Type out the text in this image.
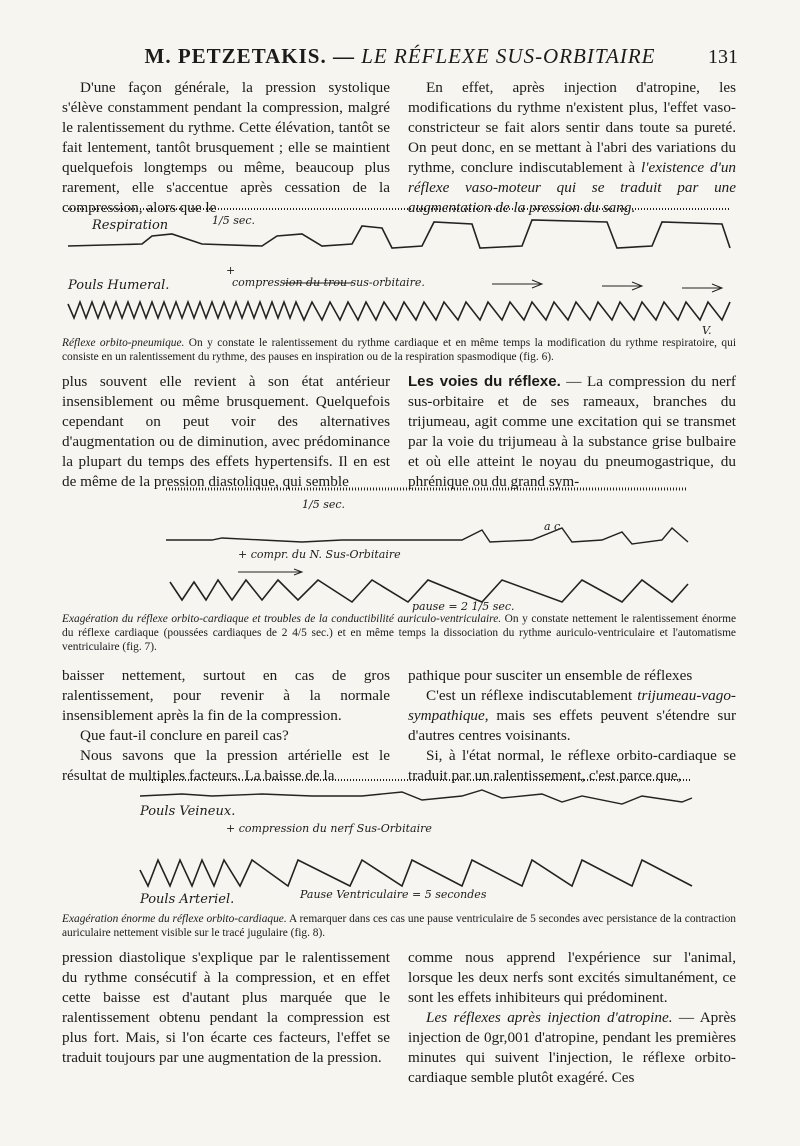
M. PETZETAKIS. — LE RÉFLEXE SUS-ORBITAIRE	131

D'une façon générale, la pression systolique s'élève constamment pendant la compression, malgré le ralentissement du rythme. Cette élévation, tantôt se fait lentement, tantôt brusquement ; elle se maintient quelquefois longtemps ou même, beaucoup plus rarement, elle s'accentue après cessation de la compression, alors que le

En effet, après injection d'atropine, les modifications du rythme n'existent plus, l'effet vaso-constricteur se fait alors sentir dans toute sa pureté. On peut donc, en se mettant à l'abri des variations du rythme, conclure indiscutablement à l'existence d'un réflexe vaso-moteur qui se traduit par une augmentation de la pression du sang.

Respiration	1/5 sec.
+
Pouls Humeral.	compression du trou sus-orbitaire.
V.
Réflexe orbito-pneumique. On y constate le ralentissement du rythme cardiaque et en même temps la modification du rythme respiratoire, qui consiste en un ralentissement du rythme, des pauses en inspiration ou de la respiration spasmodique (fig. 6).

plus souvent elle revient à son état antérieur insensiblement ou même brusquement. Quelquefois cependant on peut voir des alternatives d'augmentation ou de diminution, avec prédominance la plupart du temps des effets hypertensifs. Il en est de même de la pression diastolique, qui semble

Les voies du réflexe. — La compression du nerf sus-orbitaire et de ses rameaux, branches du trijumeau, agit comme une excitation qui se transmet par la voie du trijumeau à la substance grise bulbaire et où elle atteint le noyau du pneumogastrique, du phrénique ou du grand sym-

1/5 sec.
+ compr. du N. Sus-Orbitaire
pause = 2 1/5 sec.
a c
Exagération du réflexe orbito-cardiaque et troubles de la conductibilité auriculo-ventriculaire. On y constate nettement le ralentissement énorme du réflexe cardiaque (poussées cardiaques de 2 4/5 sec.) et en même temps la dissociation du rythme auriculo-ventriculaire et l'automatisme ventriculaire (fig. 7).

baisser nettement, surtout en cas de gros ralentissement, pour revenir à la normale insensiblement après la fin de la compression.

Que faut-il conclure en pareil cas?

Nous savons que la pression artérielle est le résultat de multiples facteurs. La baisse de la

pathique pour susciter un ensemble de réflexes

C'est un réflexe indiscutablement trijumeau-vago-sympathique, mais ses effets peuvent s'étendre sur d'autres centres voisinants.

Si, à l'état normal, le réflexe orbito-cardiaque se traduit par un ralentissement, c'est parce que,

Pouls Veineux.
+ compression du nerf Sus-Orbitaire
Pouls Arteriel.	Pause Ventriculaire = 5 secondes
Exagération énorme du réflexe orbito-cardiaque. A remarquer dans ces cas une pause ventriculaire de 5 secondes avec persistance de la contraction auriculaire nettement visible sur le tracé jugulaire (fig. 8).

pression diastolique s'explique par le ralentissement du rythme consécutif à la compression, et en effet cette baisse est d'autant plus marquée que le ralentissement obtenu pendant la compression est plus fort. Mais, si l'on écarte ces facteurs, l'effet se traduit toujours par une augmentation de la pression.

comme nous apprend l'expérience sur l'animal, lorsque les deux nerfs sont excités simultanément, ce sont les effets inhibiteurs qui prédominent.

Les réflexes après injection d'atropine. — Après injection de 0gr,001 d'atropine, pendant les premières minutes qui suivent l'injection, le réflexe orbito-cardiaque semble plutôt exagéré. Ces
